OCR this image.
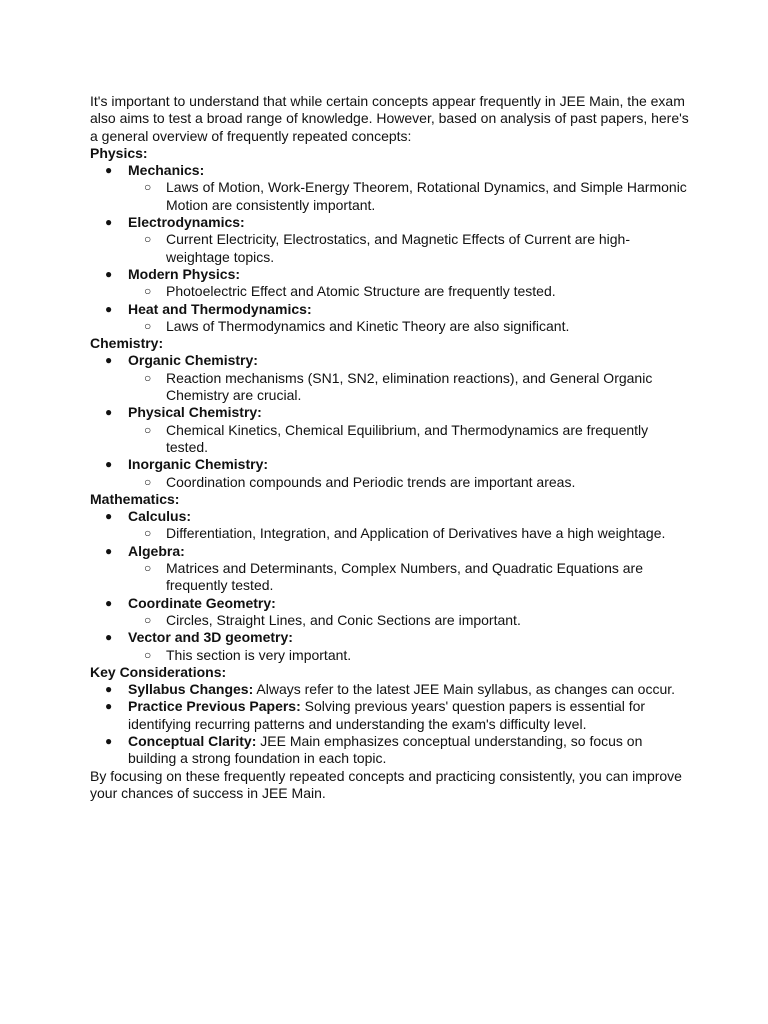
It's important to understand that while certain concepts appear frequently in JEE Main, the exam also aims to test a broad range of knowledge. However, based on analysis of past papers, here's a general overview of frequently repeated concepts:

Physics:

● Mechanics:
○ Laws of Motion, Work-Energy Theorem, Rotational Dynamics, and Simple Harmonic Motion are consistently important.
● Electrodynamics:
○ Current Electricity, Electrostatics, and Magnetic Effects of Current are high-weightage topics.
● Modern Physics:
○ Photoelectric Effect and Atomic Structure are frequently tested.
● Heat and Thermodynamics:
○ Laws of Thermodynamics and Kinetic Theory are also significant.

Chemistry:

● Organic Chemistry:
○ Reaction mechanisms (SN1, SN2, elimination reactions), and General Organic Chemistry are crucial.
● Physical Chemistry:
○ Chemical Kinetics, Chemical Equilibrium, and Thermodynamics are frequently tested.
● Inorganic Chemistry:
○ Coordination compounds and Periodic trends are important areas.

Mathematics:

● Calculus:
○ Differentiation, Integration, and Application of Derivatives have a high weightage.
● Algebra:
○ Matrices and Determinants, Complex Numbers, and Quadratic Equations are frequently tested.
● Coordinate Geometry:
○ Circles, Straight Lines, and Conic Sections are important.
● Vector and 3D geometry:
○ This section is very important.

Key Considerations:

● Syllabus Changes: Always refer to the latest JEE Main syllabus, as changes can occur.
● Practice Previous Papers: Solving previous years' question papers is essential for identifying recurring patterns and understanding the exam's difficulty level.
● Conceptual Clarity: JEE Main emphasizes conceptual understanding, so focus on building a strong foundation in each topic.

By focusing on these frequently repeated concepts and practicing consistently, you can improve your chances of success in JEE Main.
